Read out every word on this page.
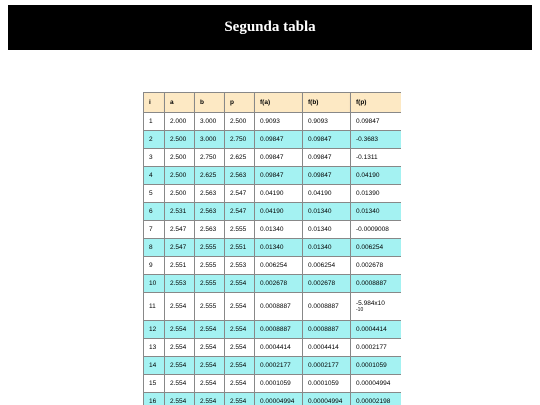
Segunda tabla
i	a	b	p	f(a)	f(b)	f(p)
1	2.000	3.000	2.500	0.9093	0.9093	0.09847
2	2.500	3.000	2.750	0.09847	0.09847	-0.3683
3	2.500	2.750	2.625	0.09847	0.09847	-0.1311
4	2.500	2.625	2.563	0.09847	0.09847	0.04190
5	2.500	2.563	2.547	0.04190	0.04190	0.01390
6	2.531	2.563	2.547	0.04190	0.01340	0.01340
7	2.547	2.563	2.555	0.01340	0.01340	-0.0009008
8	2.547	2.555	2.551	0.01340	0.01340	0.006254
9	2.551	2.555	2.553	0.006254	0.006254	0.002678
10	2.553	2.555	2.554	0.002678	0.002678	0.0008887
11	2.554	2.555	2.554	0.0008887	0.0008887	-5.984x10
-10

12	2.554	2.554	2.554	0.0008887	0.0008887	0.0004414
13	2.554	2.554	2.554	0.0004414	0.0004414	0.0002177
14	2.554	2.554	2.554	0.0002177	0.0002177	0.0001059
15	2.554	2.554	2.554	0.0001059	0.0001059	0.00004994
16	2.554	2.554	2.554	0.00004994	0.00004994	0.00002198
